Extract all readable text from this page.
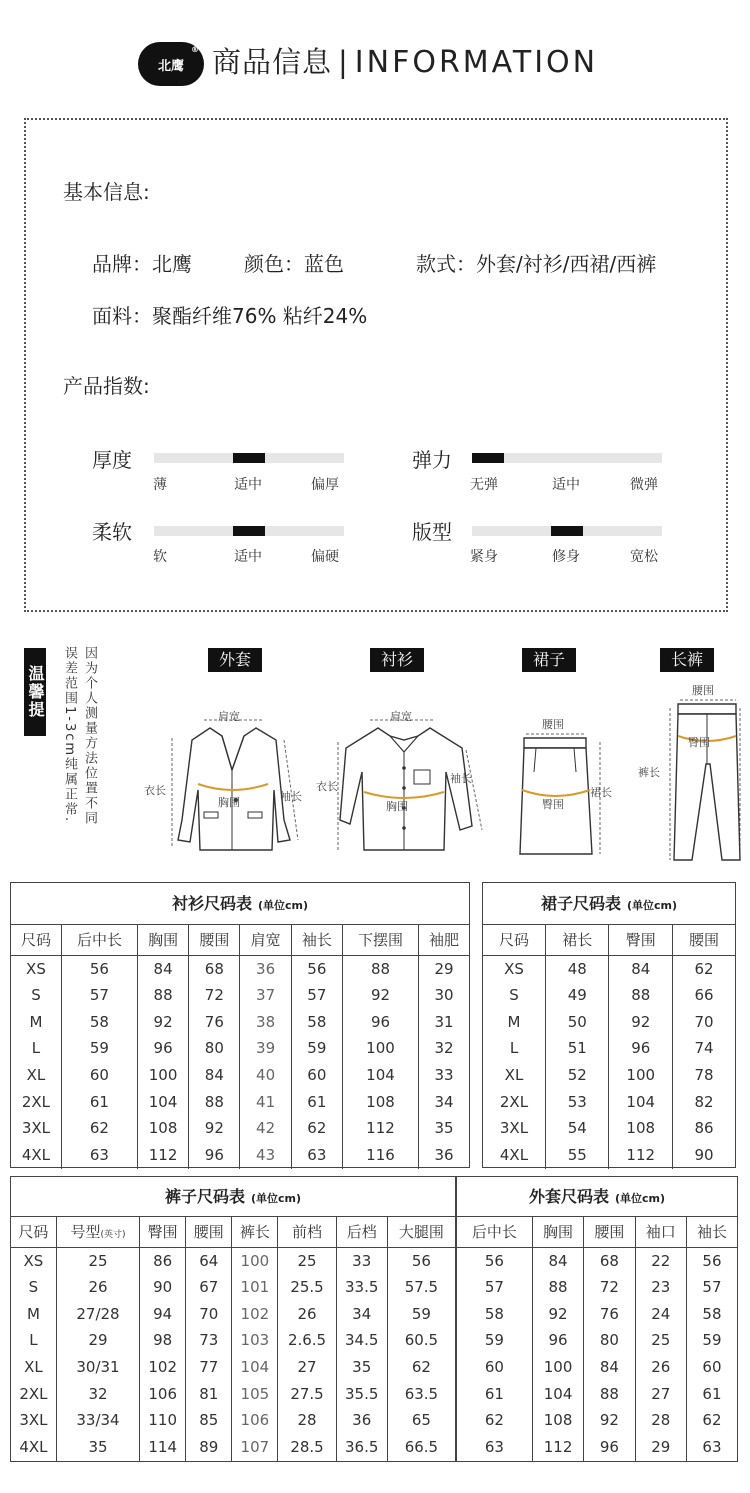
北鹰
® 商品信息 | INFORMATION
基本信息:
品牌：北鹰	颜色：蓝色	款式：外套/衬衫/西裙/西裤
面料：聚酯纤维76% 粘纤24%
产品指数:
厚度
薄	适中	偏厚
弹力
无弹	适中	微弹
柔软
软	适中	偏硬
版型
紧身	修身	宽松
温馨提示：	因为个人测量方法位置不同
误差范围1-3cm纯属正常.	外套	衬衫	裙子	长裤
肩宽
衣长
胸围	袖长
肩宽
衣长
胸围
袖长
腰围
臀围
裙长
腰围
臀围
裤长
衬衫尺码表 (单位cm)
尺码	后中长	胸围	腰围	肩宽	袖长	下摆围	袖肥
XS	56	84	68	36	56	88	29
S	57	88	72	37	57	92	30
M	58	92	76	38	58	96	31
L	59	96	80	39	59	100	32
XL	60	100	84	40	60	104	33
2XL	61	104	88	41	61	108	34
3XL	62	108	92	42	62	112	35
4XL	63	112	96	43	63	116	36
裙子尺码表 (单位cm)
尺码	裙长	臀围	腰围
XS	48	84	62
S	49	88	66
M	50	92	70
L	51	96	74
XL	52	100	78
2XL	53	104	82
3XL	54	108	86
4XL	55	112	90
裤子尺码表 (单位cm)
尺码	号型(英寸)	臀围	腰围	裤长	前档	后档	大腿围
XS	25	86	64	100	25	33	56
S	26	90	67	101	25.5	33.5	57.5
M	27/28	94	70	102	26	34	59
L	29	98	73	103	2.6.5	34.5	60.5
XL	30/31	102	77	104	27	35	62
2XL	32	106	81	105	27.5	35.5	63.5
3XL	33/34	110	85	106	28	36	65
4XL	35	114	89	107	28.5	36.5	66.5
外套尺码表 (单位cm)
后中长	胸围	腰围	袖口	袖长
56	84	68	22	56
57	88	72	23	57
58	92	76	24	58
59	96	80	25	59
60	100	84	26	60
61	104	88	27	61
62	108	92	28	62
63	112	96	29	63
